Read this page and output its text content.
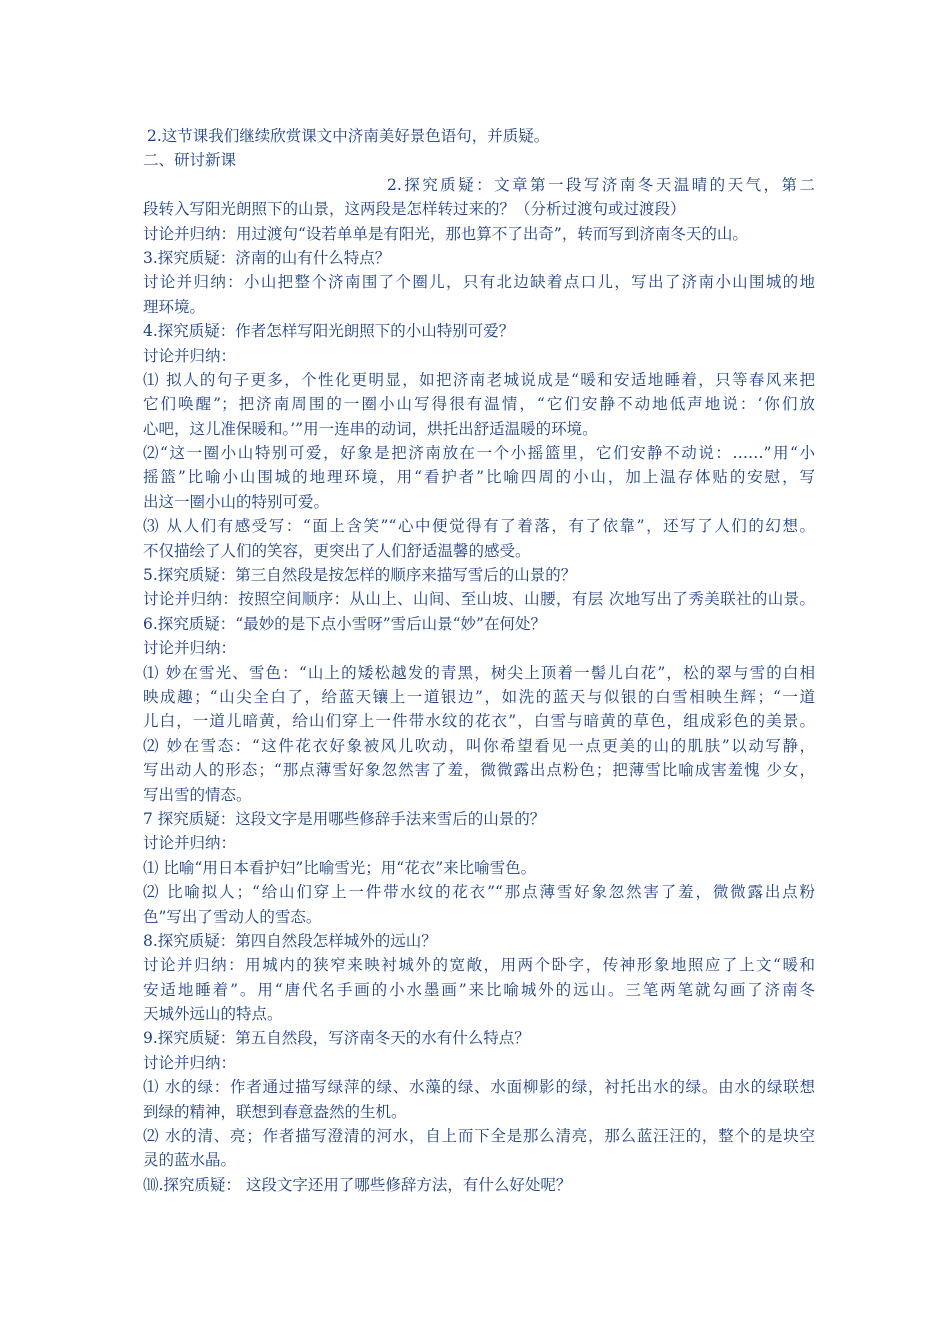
2.这节课我们继续欣赏课文中济南美好景色语句，并质疑。
二、研讨新课
2.探究质疑：文章第一段写济南冬天温晴的天气，第二
段转入写阳光朗照下的山景，这两段是怎样转过来的？（分析过渡句或过渡段）
讨论并归纳：用过渡句“设若单单是有阳光，那也算不了出奇”，转而写到济南冬天的山。
3.探究质疑：济南的山有什么特点？
讨论并归纳：小山把整个济南围了个圈儿，只有北边缺着点口儿，写出了济南小山围城的地
理环境。
4.探究质疑：作者怎样写阳光朗照下的小山特别可爱？
讨论并归纳：
⑴ 拟人的句子更多，个性化更明显，如把济南老城说成是“暖和安适地睡着，只等春风来把
它们唤醒”；把济南周围的一圈小山写得很有温情，“它们安静不动地低声地说：‘你们放
心吧，这儿准保暖和。’”用一连串的动词，烘托出舒适温暖的环境。
⑵“这一圈小山特别可爱，好象是把济南放在一个小摇篮里，它们安静不动说：……”用“小
摇篮”比喻小山围城的地理环境，用“看护者”比喻四周的小山，加上温存体贴的安慰，写
出这一圈小山的特别可爱。
⑶ 从人们有感受写：“面上含笑”“心中便觉得有了着落，有了依靠”，还写了人们的幻想。
不仅描绘了人们的笑容，更突出了人们舒适温馨的感受。
5.探究质疑：第三自然段是按怎样的顺序来描写雪后的山景的？
讨论并归纳：按照空间顺序：从山上、山间、至山坡、山腰，有层 次地写出了秀美联社的山景。
6.探究质疑：“最妙的是下点小雪呀”雪后山景“妙”在何处？
讨论并归纳：
⑴ 妙在雪光、雪色：“山上的矮松越发的青黑，树尖上顶着一髻儿白花”，松的翠与雪的白相
映成趣；“山尖全白了，给蓝天镶上一道银边”，如洗的蓝天与似银的白雪相映生辉；“一道
儿白，一道儿暗黄，给山们穿上一件带水纹的花衣”，白雪与暗黄的草色，组成彩色的美景。
⑵ 妙在雪态：“这件花衣好象被风儿吹动，叫你希望看见一点更美的山的肌肤”以动写静，
写出动人的形态；“那点薄雪好象忽然害了羞，微微露出点粉色；把薄雪比喻成害羞愧 少女，
写出雪的情态。
7 探究质疑：这段文字是用哪些修辞手法来雪后的山景的？
讨论并归纳：
⑴ 比喻“用日本看护妇”比喻雪光；用“花衣”来比喻雪色。
⑵ 比喻拟人；“给山们穿上一件带水纹的花衣”“那点薄雪好象忽然害了羞，微微露出点粉
色”写出了雪动人的雪态。
8.探究质疑：第四自然段怎样城外的远山？
讨论并归纳：用城内的狭窄来映衬城外的宽敞，用两个卧字，传神形象地照应了上文“暖和
安适地睡着”。用“唐代名手画的小水墨画”来比喻城外的远山。三笔两笔就勾画了济南冬
天城外远山的特点。
9.探究质疑：第五自然段，写济南冬天的水有什么特点？
讨论并归纳：
⑴ 水的绿：作者通过描写绿萍的绿、水藻的绿、水面柳影的绿，衬托出水的绿。由水的绿联想
到绿的精神，联想到春意盎然的生机。
⑵ 水的清、亮；作者描写澄清的河水，自上而下全是那么清亮，那么蓝汪汪的，整个的是块空
灵的蓝水晶。
⑽.探究质疑： 这段文字还用了哪些修辞方法，有什么好处呢？
